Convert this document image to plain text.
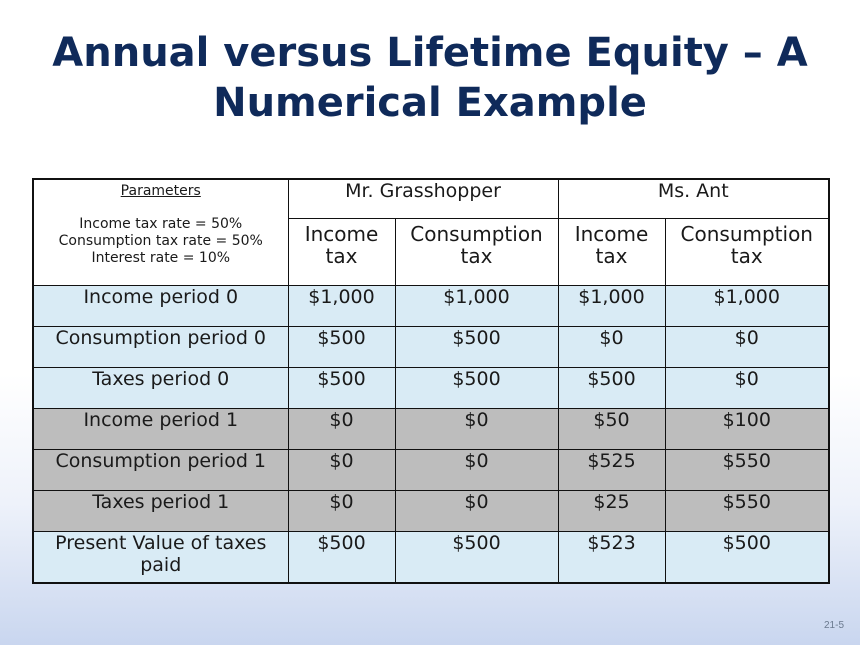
Annual versus Lifetime Equity – A
Numerical Example
Parameters
Income tax rate = 50%
Consumption tax rate = 50%
Interest rate = 10%	Mr. Grasshopper		Ms. Ant	

	Income tax	Consumption tax	Income tax	Consumption tax

Income period 0	$1,000	$1,000	$1,000	$1,000
Consumption period 0	$500	$500	$0	$0
Taxes period 0	$500	$500	$500	$0
Income period 1	$0	$0	$50	$100
Consumption period 1	$0	$0	$525	$550
Taxes period 1	$0	$0	$25	$550
Present Value of taxes paid	$500	$500	$523	$500
21-5
